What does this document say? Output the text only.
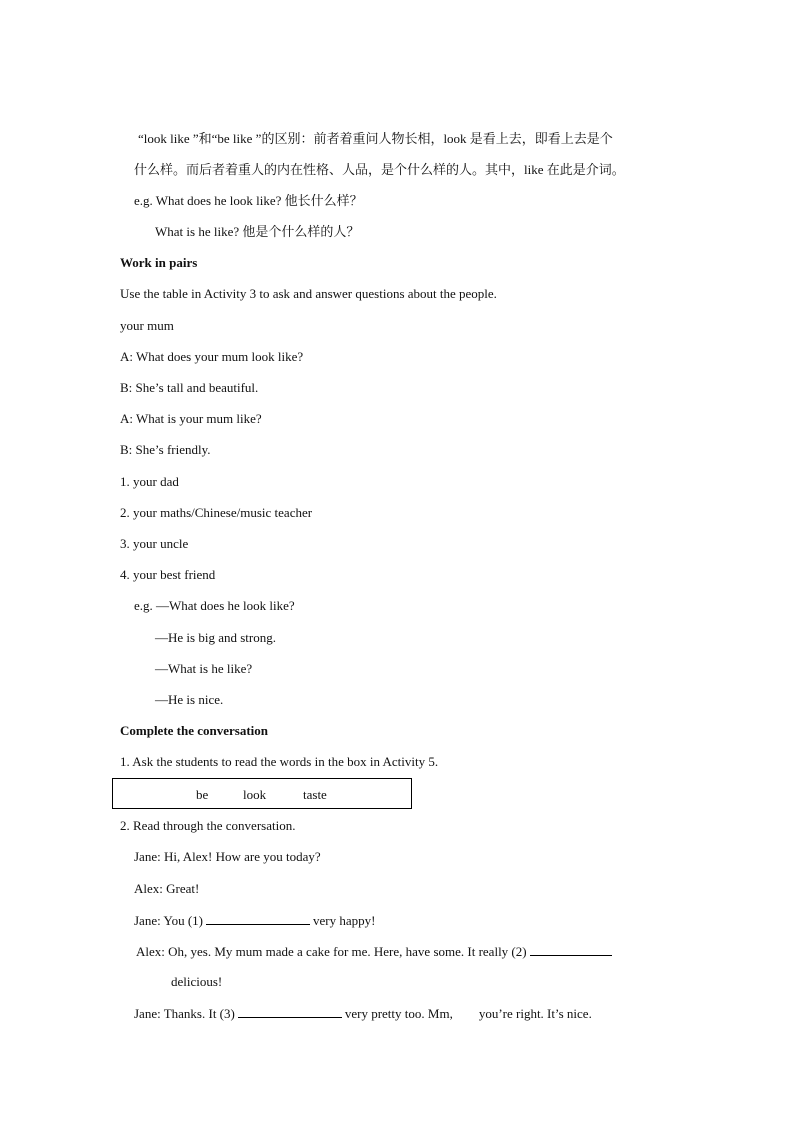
“look like ”和“be like ”的区别：前者着重问人物长相，look 是看上去，即看上去是个
什么样。而后者着重人的内在性格、人品，是个什么样的人。其中，like 在此是介词。
e.g. What does he look like? 他长什么样？
What is he like? 他是个什么样的人？
Work in pairs
Use the table in Activity 3 to ask and answer questions about the people.
your mum
A: What does your mum look like?
B: She’s tall and beautiful.
A: What is your mum like?
B: She’s friendly.
1. your dad
2. your maths/Chinese/music teacher
3. your uncle
4. your best friend
e.g. —What does he look like?
—He is big and strong.
—What is he like?
—He is nice.
Complete the conversation
1. Ask the students to read the words in the box in Activity 5.
be	look	taste
2. Read through the conversation.
Jane: Hi, Alex! How are you today?
Alex: Great!
Jane: You (1)	very happy!
Alex: Oh, yes. My mum made a cake for me. Here, have some. It really (2)
delicious!
Jane: Thanks. It (3)	very pretty too. Mm, you’re right. It’s nice.
